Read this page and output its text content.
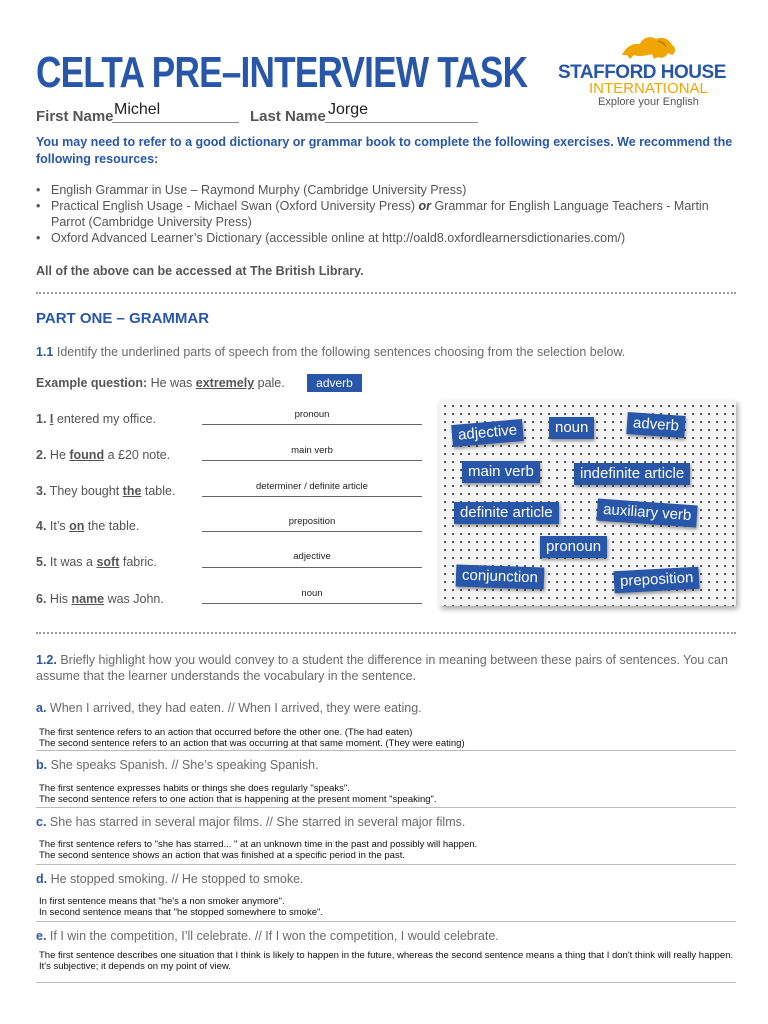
CELTA PRE–INTERVIEW TASK STAFFORD HOUSE
INTERNATIONAL
Explore your English
First Name Michel	Last Name Jorge
You may need to refer to a good dictionary or grammar book to complete the following exercises. We recommend the following resources:
• English Grammar in Use – Raymond Murphy (Cambridge University Press)
• Practical English Usage - Michael Swan (Oxford University Press) or Grammar for English Language Teachers - Martin Parrot (Cambridge University Press)
• Oxford Advanced Learner’s Dictionary (accessible online at http://oald8.oxfordlearnersdictionaries.com/)
All of the above can be accessed at The British Library.
PART ONE – GRAMMAR
1.1 Identify the underlined parts of speech from the following sentences choosing from the selection below.
Example question: He was extremely pale.	adverb
1. I entered my office.	pronoun
2. He found a £20 note.	main verb
3. They bought the table.	determiner / definite article
4. It’s on the table.	preposition
5. It was a soft fabric.	adjective
6. His name was John.	noun
adjective	noun	adverb
main verb	indefinite article
definite article	auxiliary verb
pronoun
conjunction	preposition
1.2. Briefly highlight how you would convey to a student the difference in meaning between these pairs of sentences. You can assume that the learner understands the vocabulary in the sentence.
a. When I arrived, they had eaten. // When I arrived, they were eating.
The first sentence refers to an action that occurred before the other one. (The had eaten)
The second sentence refers to an action that was occurring at that same moment. (They were eating)
b. She speaks Spanish. // She’s speaking Spanish.
The first sentence expresses habits or things she does regularly "speaks".
The second sentence refers to one action that is happening at the present moment "speaking".
c. She has starred in several major films. // She starred in several major films.
The first sentence refers to "she has starred... " at an unknown time in the past and possibly will happen.
The second sentence shows an action that was finished at a specific period in the past.
d. He stopped smoking. // He stopped to smoke.
In first sentence means that "he's a non smoker anymore".
In second sentence means that "he stopped somewhere to smoke".
e. If I win the competition, I’ll celebrate. // If I won the competition, I would celebrate.
The first sentence describes one situation that I think is likely to happen in the future, whereas the second sentence means a thing that I don't think will really happen. It's subjective; it depends on my point of view.
